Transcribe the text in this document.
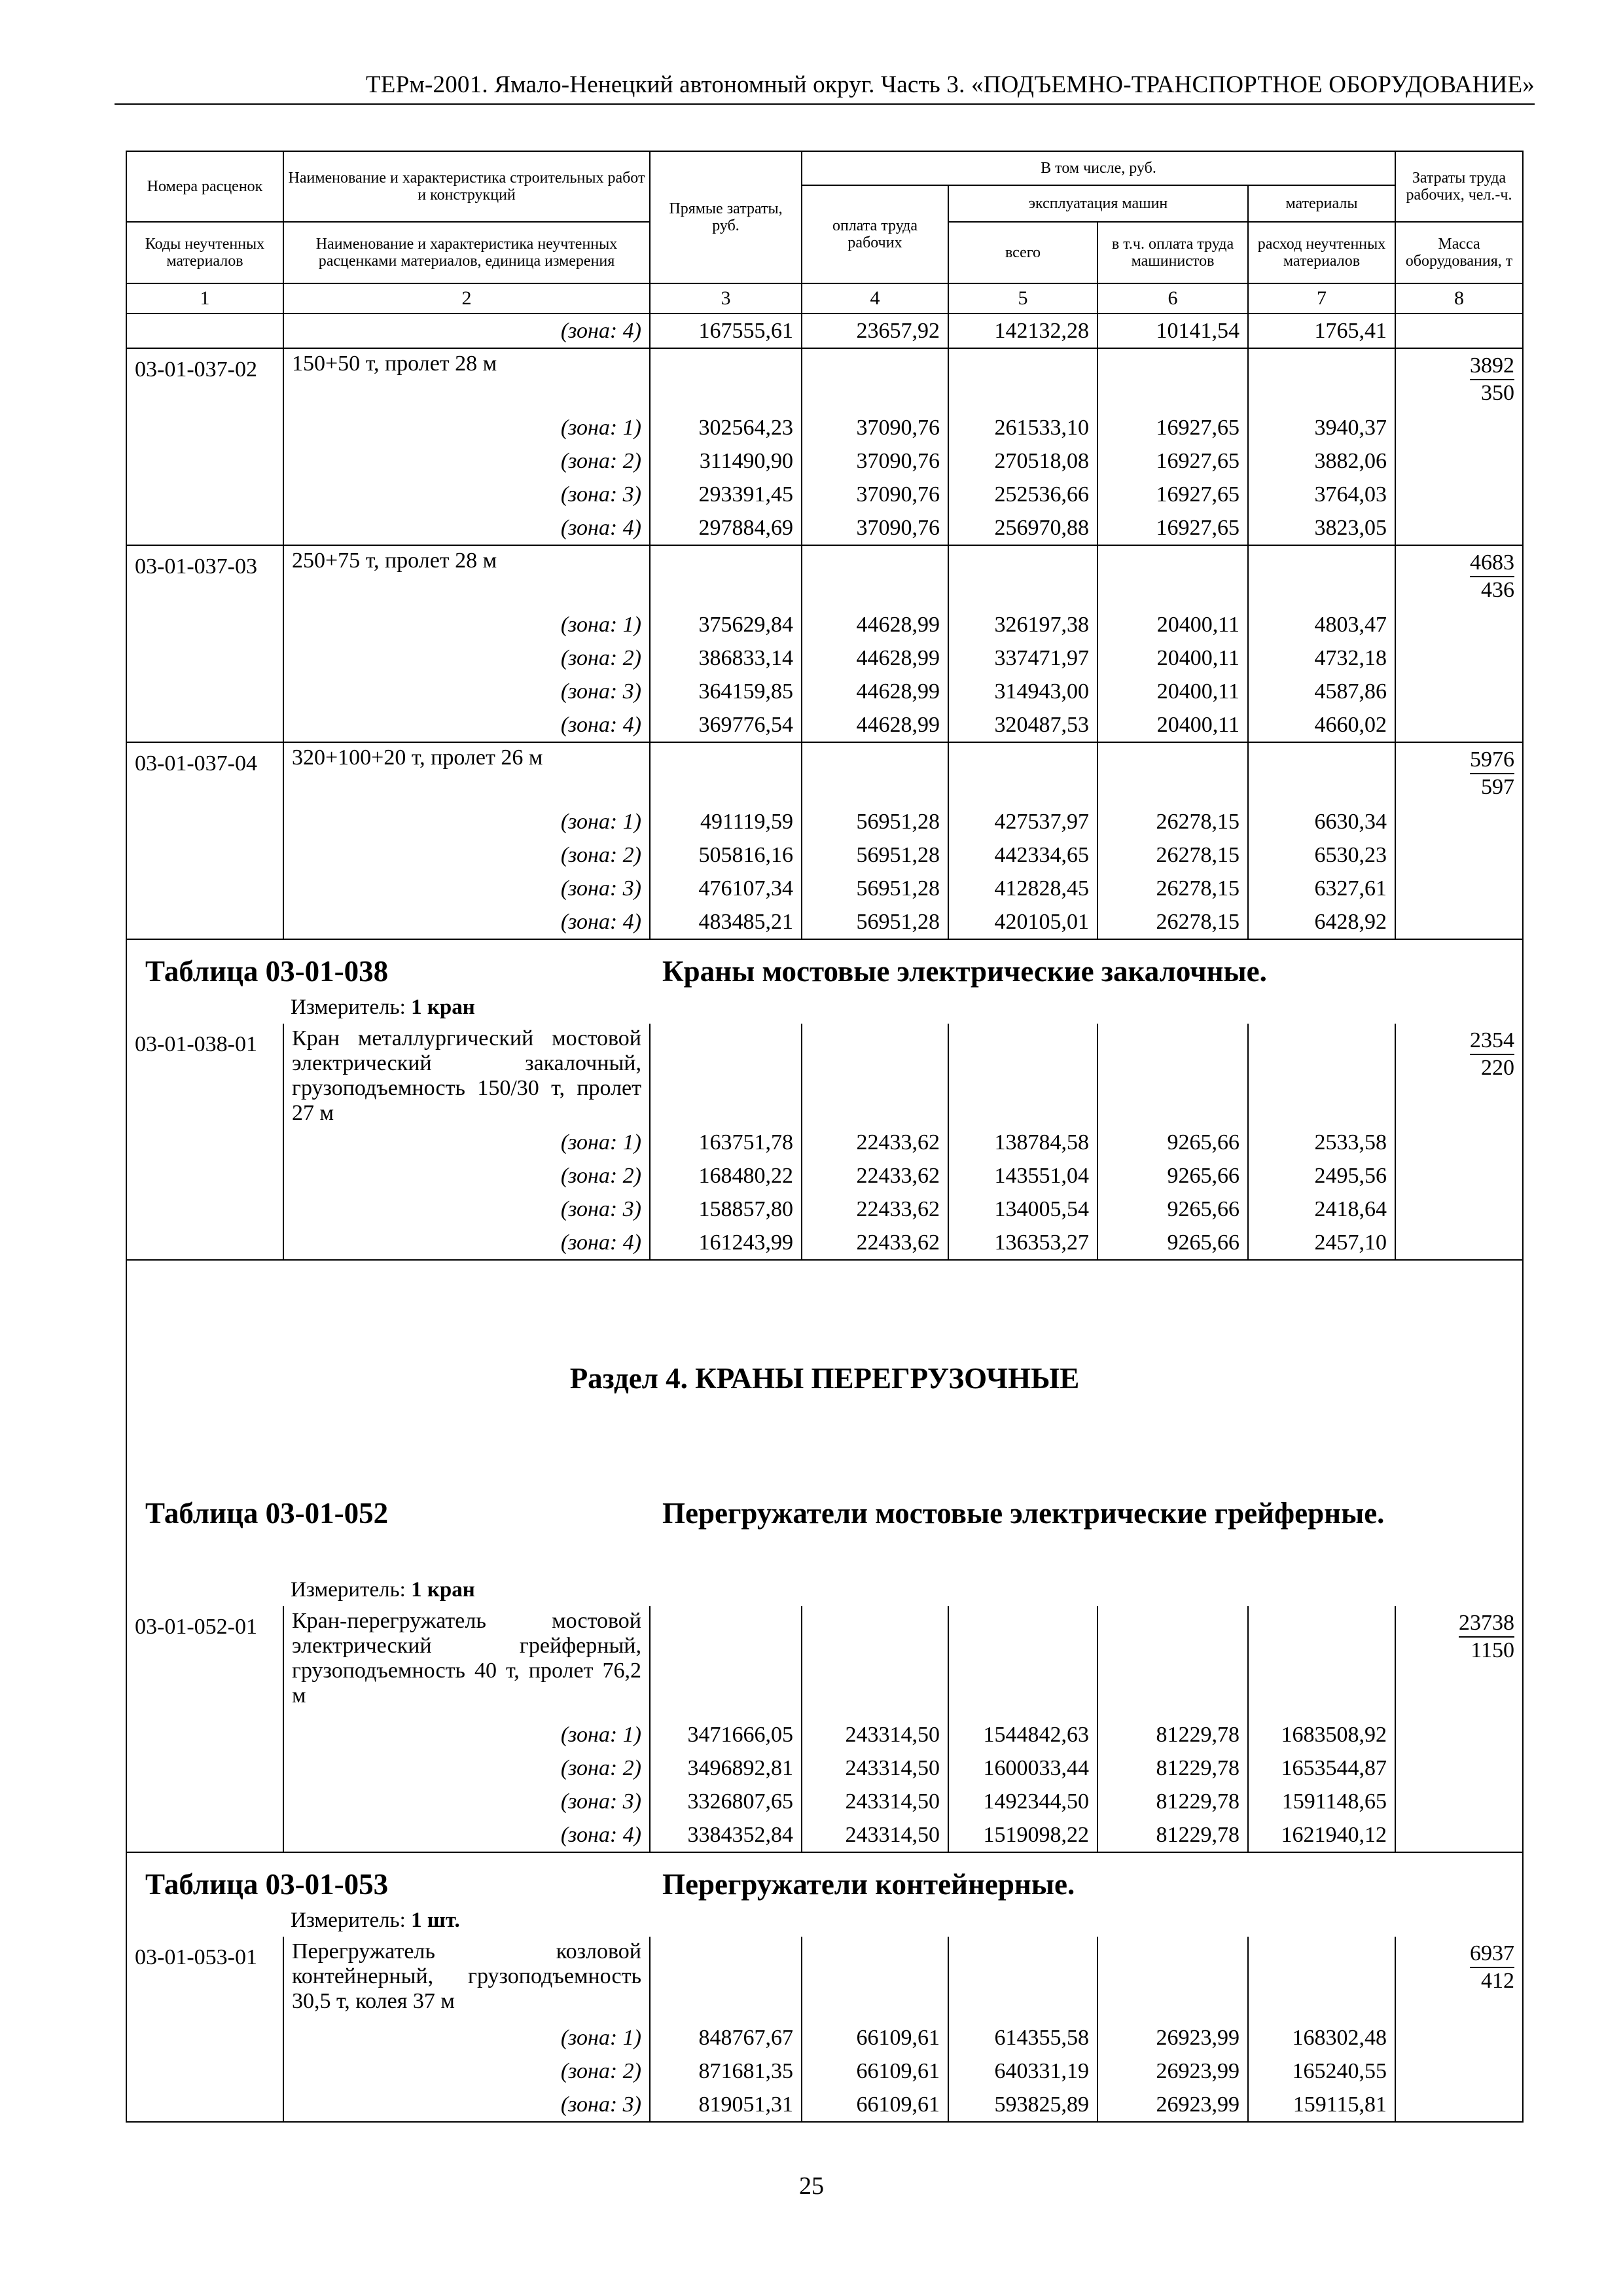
ТЕРм-2001. Ямало-Ненецкий автономный округ. Часть 3. «ПОДЪЕМНО-ТРАНСПОРТНОЕ ОБОРУДОВАНИЕ»
Номера расценок	Наименование и характеристика строительных работ и конструкций	Прямые затраты, руб.	В том числе, руб.				Затраты труда рабочих, чел.-ч.
			оплата труда рабочих	эксплуатация машин		материалы	
Коды неучтенных материалов	Наименование и характеристика неучтенных расценками материалов, единица измерения			всего	в т.ч. оплата труда машинистов	расход неучтенных материалов	Масса оборудования, т
1	2	3	4	5	6	7	8
	(зона: 4)	167555,61	23657,92	142132,28	10141,54	1765,41	
03-01-037-02	150+50 т, пролет 28 м						$\frac{3892}{350}$

	(зона: 1)	302564,23	37090,76	261533,10	16927,65	3940,37	
	(зона: 2)	311490,90	37090,76	270518,08	16927,65	3882,06	
	(зона: 3)	293391,45	37090,76	252536,66	16927,65	3764,03	
	(зона: 4)	297884,69	37090,76	256970,88	16927,65	3823,05	
03-01-037-03	250+75 т, пролет 28 м						$\frac{4683}{436}$

	(зона: 1)	375629,84	44628,99	326197,38	20400,11	4803,47	
	(зона: 2)	386833,14	44628,99	337471,97	20400,11	4732,18	
	(зона: 3)	364159,85	44628,99	314943,00	20400,11	4587,86	
	(зона: 4)	369776,54	44628,99	320487,53	20400,11	4660,02	
03-01-037-04	320+100+20 т, пролет 26 м						$\frac{5976}{597}$

	(зона: 1)	491119,59	56951,28	427537,97	26278,15	6630,34	
	(зона: 2)	505816,16	56951,28	442334,65	26278,15	6530,23	
	(зона: 3)	476107,34	56951,28	412828,45	26278,15	6327,61	
	(зона: 4)	483485,21	56951,28	420105,01	26278,15	6428,92	

Таблица 03-01-038 Краны мостовые электрические закалочные.							

Измеритель: 1 кран							

03-01-038-01	Кран металлургический мостовой электрический закалочный, грузоподъемность 150/30 т, пролет 27 м						$\frac{2354}{220}$

	(зона: 1)	163751,78	22433,62	138784,58	9265,66	2533,58	
	(зона: 2)	168480,22	22433,62	143551,04	9265,66	2495,56	
	(зона: 3)	158857,80	22433,62	134005,54	9265,66	2418,64	
	(зона: 4)	161243,99	22433,62	136353,27	9265,66	2457,10	

Раздел 4. КРАНЫ ПЕРЕГРУЗОЧНЫЕ							

Таблица 03-01-052 Перегружатели мостовые электрические грейферные.							

Измеритель: 1 кран							

03-01-052-01	Кран-перегружатель мостовой электрический грейферный, грузоподъемность 40 т, пролет 76,2 м						$\frac{23738}{1150}$

	(зона: 1)	3471666,05	243314,50	1544842,63	81229,78	1683508,92	
	(зона: 2)	3496892,81	243314,50	1600033,44	81229,78	1653544,87	
	(зона: 3)	3326807,65	243314,50	1492344,50	81229,78	1591148,65	
	(зона: 4)	3384352,84	243314,50	1519098,22	81229,78	1621940,12	

Таблица 03-01-053 Перегружатели контейнерные.							

Измеритель: 1 шт.							

03-01-053-01	Перегружатель козловой контейнерный, грузоподъемность 30,5 т, колея 37 м						$\frac{6937}{412}$

	(зона: 1)	848767,67	66109,61	614355,58	26923,99	168302,48	
	(зона: 2)	871681,35	66109,61	640331,19	26923,99	165240,55	
	(зона: 3)	819051,31	66109,61	593825,89	26923,99	159115,81	
25
